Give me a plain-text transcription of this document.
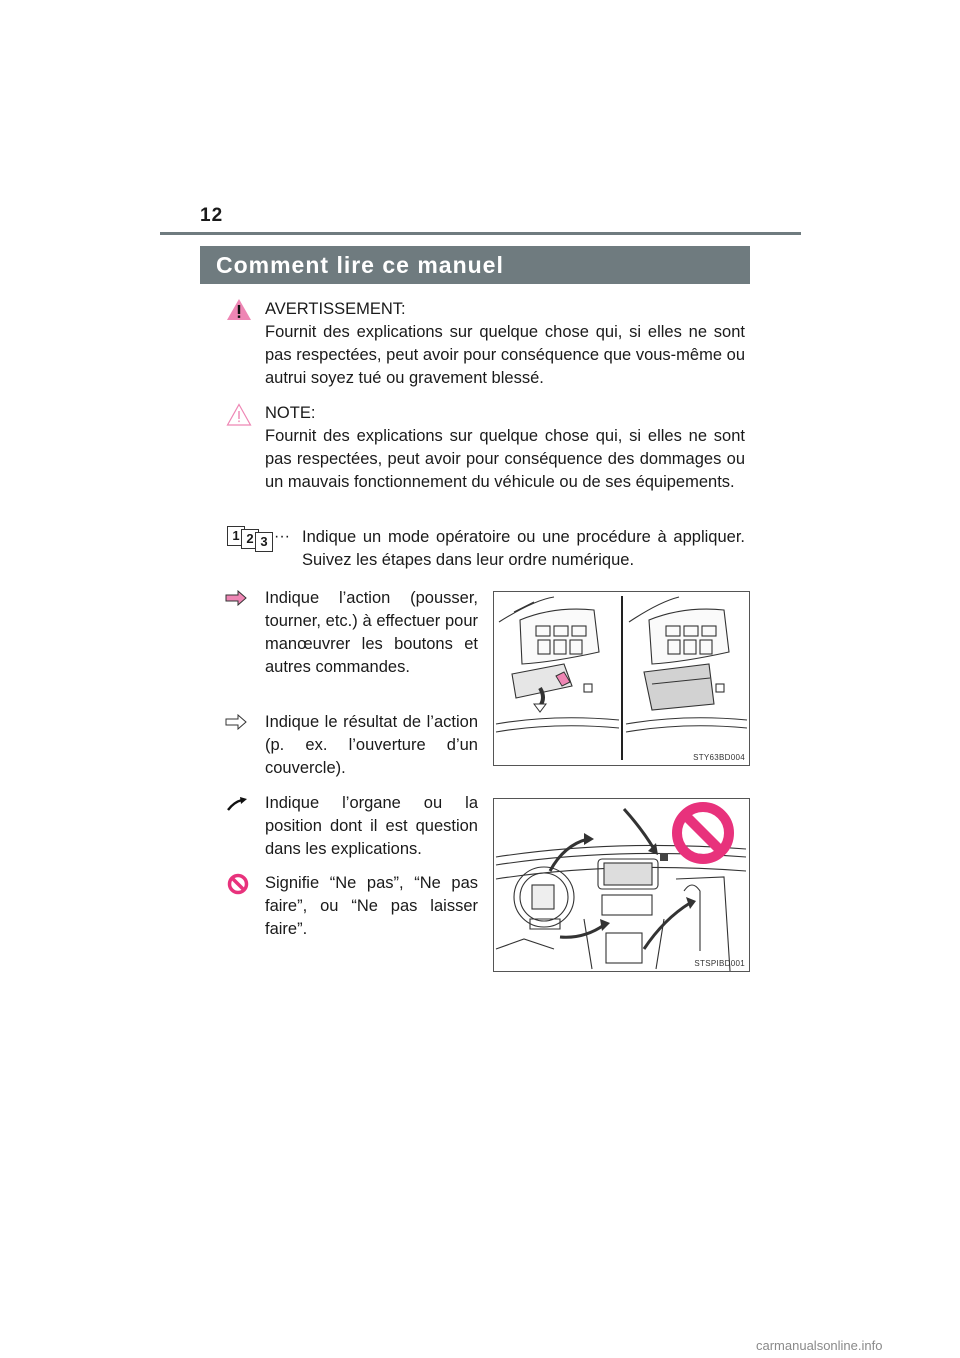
12
Comment lire ce manuel
AVERTISSEMENT:
Fournit des explications sur quelque chose qui, si elles ne sont pas respectées, peut avoir pour conséquence que vous-même ou autrui soyez tué ou gravement blessé.
NOTE:
Fournit des explications sur quelque chose qui, si elles ne sont pas respectées, peut avoir pour conséquence des dommages ou un mauvais fonctionnement du véhicule ou de ses équipements.
1 2 3 ··· Indique un mode opératoire ou une procédure à appliquer. Suivez les étapes dans leur ordre numérique.
Indique l’action (pousser, tourner, etc.) à effectuer pour manœuvrer les boutons et autres commandes.
Indique le résultat de l’action (p. ex. l’ouverture d’un couvercle).
STY63BD004
Indique l’organe ou la position dont il est question dans les explications.
Signifie “Ne pas”, “Ne pas faire”, ou “Ne pas laisser faire”.
STSPIBD001
carmanualsonline.info
